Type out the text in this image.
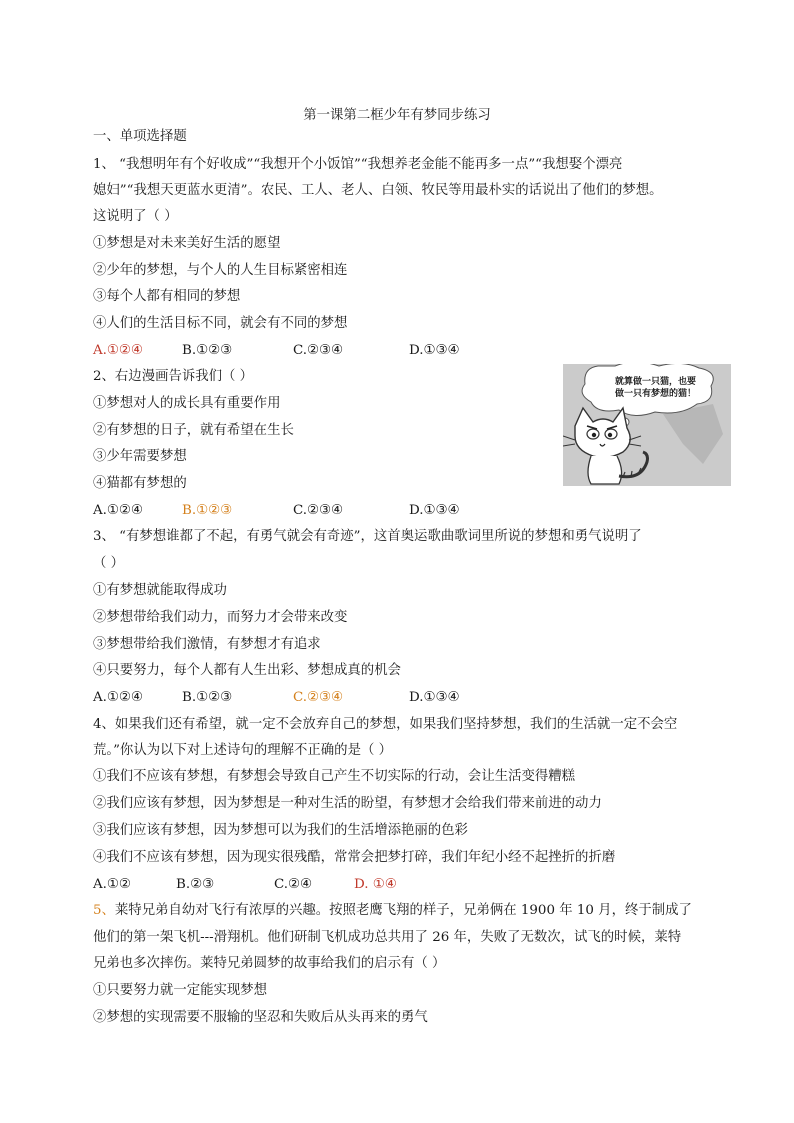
第一课第二框少年有梦同步练习
一、单项选择题
1、 “我想明年有个好收成”“我想开个小饭馆”“我想养老金能不能再多一点”“我想娶个漂亮
媳妇”“我想天更蓝水更清”。农民、工人、老人、白领、牧民等用最朴实的话说出了他们的梦想。
这说明了（ ）
①梦想是对未来美好生活的愿望
②少年的梦想，与个人的人生目标紧密相连
③每个人都有相同的梦想
④人们的生活目标不同，就会有不同的梦想
A.①②④	B.①②③	C.②③④	D.①③④
2、右边漫画告诉我们（ ）
①梦想对人的成长具有重要作用
②有梦想的日子，就有希望在生长
③少年需要梦想
④猫都有梦想的
A.①②④	B.①②③	C.②③④	D.①③④
就算做一只猫，也要
做一只有梦想的猫！
3、 “有梦想谁都了不起，有勇气就会有奇迹”，这首奥运歌曲歌词里所说的梦想和勇气说明了
（ ）
①有梦想就能取得成功
②梦想带给我们动力，而努力才会带来改变
③梦想带给我们激情，有梦想才有追求
④只要努力，每个人都有人生出彩、梦想成真的机会
A.①②④	B.①②③	C.②③④	D.①③④
4、如果我们还有希望，就一定不会放弃自己的梦想，如果我们坚持梦想，我们的生活就一定不会空
荒。”你认为以下对上述诗句的理解不正确的是（ ）
①我们不应该有梦想，有梦想会导致自己产生不切实际的行动，会让生活变得糟糕
②我们应该有梦想，因为梦想是一种对生活的盼望，有梦想才会给我们带来前进的动力
③我们应该有梦想，因为梦想可以为我们的生活增添艳丽的色彩
④我们不应该有梦想，因为现实很残酷，常常会把梦打碎，我们年纪小经不起挫折的折磨
A.①②	B.②③	C.②④	D. ①④
5、莱特兄弟自幼对飞行有浓厚的兴趣。按照老鹰飞翔的样子，兄弟俩在 1900 年 10 月，终于制成了
他们的第一架飞机---滑翔机。他们研制飞机成功总共用了 26 年，失败了无数次，试飞的时候，莱特
兄弟也多次摔伤。莱特兄弟圆梦的故事给我们的启示有（ ）
①只要努力就一定能实现梦想
②梦想的实现需要不服输的坚忍和失败后从头再来的勇气
